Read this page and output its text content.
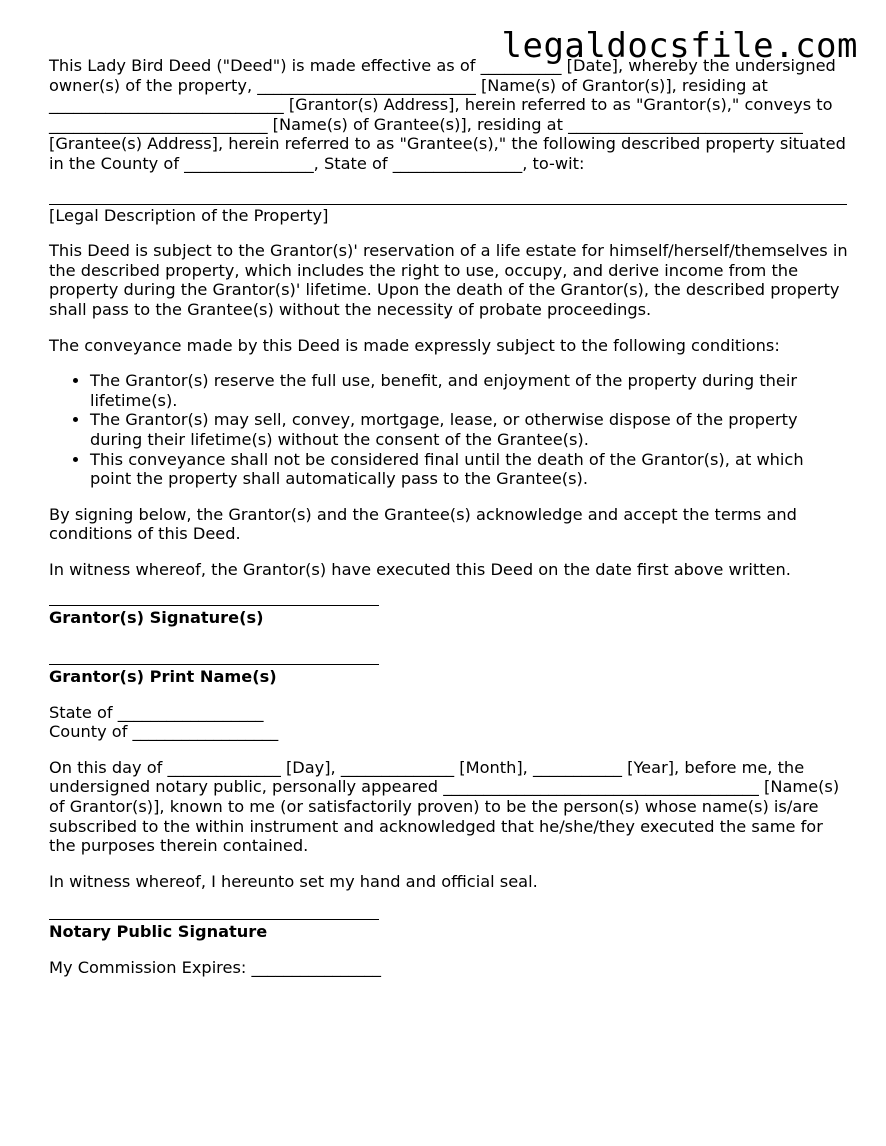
legaldocsfile.com

This Lady Bird Deed ("Deed") is made effective as of __________ [Date], whereby the undersigned owner(s) of the property, ___________________________ [Name(s) of Grantor(s)], residing at _____________________________ [Grantor(s) Address], herein referred to as "Grantor(s)," conveys to ___________________________ [Name(s) of Grantee(s)], residing at _____________________________ [Grantee(s) Address], herein referred to as "Grantee(s)," the following described property situated in the County of ________________, State of ________________, to-wit:

[Legal Description of the Property]

This Deed is subject to the Grantor(s)' reservation of a life estate for himself/herself/themselves in the described property, which includes the right to use, occupy, and derive income from the property during the Grantor(s)' lifetime. Upon the death of the Grantor(s), the described property shall pass to the Grantee(s) without the necessity of probate proceedings.

The conveyance made by this Deed is made expressly subject to the following conditions:

• The Grantor(s) reserve the full use, benefit, and enjoyment of the property during their lifetime(s).
• The Grantor(s) may sell, convey, mortgage, lease, or otherwise dispose of the property during their lifetime(s) without the consent of the Grantee(s).
• This conveyance shall not be considered final until the death of the Grantor(s), at which point the property shall automatically pass to the Grantee(s).

By signing below, the Grantor(s) and the Grantee(s) acknowledge and accept the terms and conditions of this Deed.

In witness whereof, the Grantor(s) have executed this Deed on the date first above written.

Grantor(s) Signature(s)
Grantor(s) Print Name(s)
State of __________________
County of __________________

On this day of ______________ [Day], ______________ [Month], ___________ [Year], before me, the undersigned notary public, personally appeared _______________________________________ [Name(s) of Grantor(s)], known to me (or satisfactorily proven) to be the person(s) whose name(s) is/are subscribed to the within instrument and acknowledged that he/she/they executed the same for the purposes therein contained.

In witness whereof, I hereunto set my hand and official seal.

Notary Public Signature
My Commission Expires: ________________
